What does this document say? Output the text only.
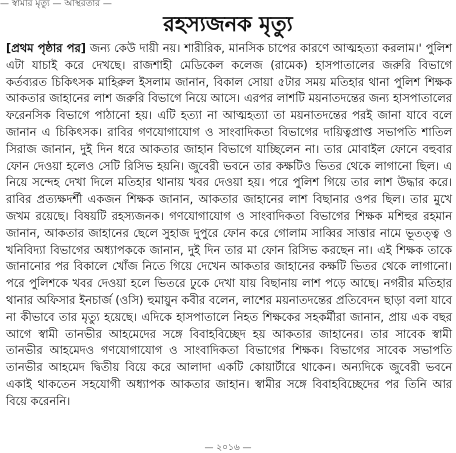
— স্বামীর মৃত্যু — অস্থিরতার —
রহস্যজনক মৃত্যু

[প্রথম পৃষ্ঠার পর] জন্য কেউ দায়ী নয়। শারীরিক, মানসিক চাপের কারণে আত্মহত্যা করলাম।' পুলিশ এটা যাচাই করে দেখছে। রাজশাহী মেডিকেল কলেজ (রামেক) হাসপাতালের জরুরি বিভাগে কর্তব্যরত চিকিৎসক মাহিরুল ইসলাম জানান, বিকাল সোয়া ৫টার সময় মতিহার থানা পুলিশ শিক্ষক আকতার জাহানের লাশ জরুরি বিভাগে নিয়ে আসে। এরপর লাশটি ময়নাতদন্তের জন্য হাসপাতালের ফরেনসিক বিভাগে পাঠানো হয়। এটি হত্যা না আত্মহত্যা তা ময়নাতদন্তের পরই জানা যাবে বলে জানান এ চিকিৎসক। রাবির গণযোগাযোগ ও সাংবাদিকতা বিভাগের দায়িত্বপ্রাপ্ত সভাপতি শাতিল সিরাজ জানান, দুই দিন ধরে আকতার জাহান বিভাগে যাচ্ছিলেন না। তার মোবাইল ফোনে বহুবার ফোন দেওয়া হলেও সেটি রিসিভ হয়নি। জুবেরী ভবনে তার কক্ষটিও ভিতর থেকে লাগানো ছিল। এ নিয়ে সন্দেহ দেখা দিলে মতিহার থানায় খবর দেওয়া হয়। পরে পুলিশ গিয়ে তার লাশ উদ্ধার করে। রাবির প্রত্যক্ষদর্শী একজন শিক্ষক জানান, আকতার জাহানের লাশ বিছানার ওপর ছিল। তার মুখে জখম রয়েছে। বিষয়টি রহস্যজনক। গণযোগাযোগ ও সাংবাদিকতা বিভাগের শিক্ষক মশিহুর রহমান জানান, আকতার জাহানের ছেলে সুহাজ দুপুরে ফোন করে গোলাম সাব্বির সাত্তার নামে ভূতত্ত্ব ও খনিবিদ্যা বিভাগের অধ্যাপককে জানান, দুই দিন তার মা ফোন রিসিভ করছেন না। এই শিক্ষক তাকে জানানোর পর বিকালে খোঁজ নিতে গিয়ে দেখেন আকতার জাহানের কক্ষটি ভিতর থেকে লাগানো। পরে পুলিশকে খবর দেওয়া হলে ভিতরে ঢুকে দেখা যায় বিছানায় লাশ পড়ে আছে। নগরীর মতিহার থানার অফিসার ইনচার্জ (ওসি) হুমায়ুন কবীর বলেন, লাশের ময়নাতদন্তের প্রতিবেদন ছাড়া বলা যাবে না কীভাবে তার মৃত্যু হয়েছে। এদিকে হাসপাতালে নিহত শিক্ষকের সহকর্মীরা জানান, প্রায় এক বছর আগে স্বামী তানভীর আহমেদের সঙ্গে বিবাহবিচ্ছেদ হয় আকতার জাহানের। তার সাবেক স্বামী তানভীর আহমেদও গণযোগাযোগ ও সাংবাদিকতা বিভাগের শিক্ষক। বিভাগের সাবেক সভাপতি তানভীর আহমেদ দ্বিতীয় বিয়ে করে আলাদা একটি কোয়ার্টারে থাকেন। অন্যদিকে জুবেরী ভবনে একাই থাকতেন সহযোগী অধ্যাপক আকতার জাহান। স্বামীর সঙ্গে বিবাহবিচ্ছেদের পর তিনি আর বিয়ে করেননি।

— ২০১৬ —
